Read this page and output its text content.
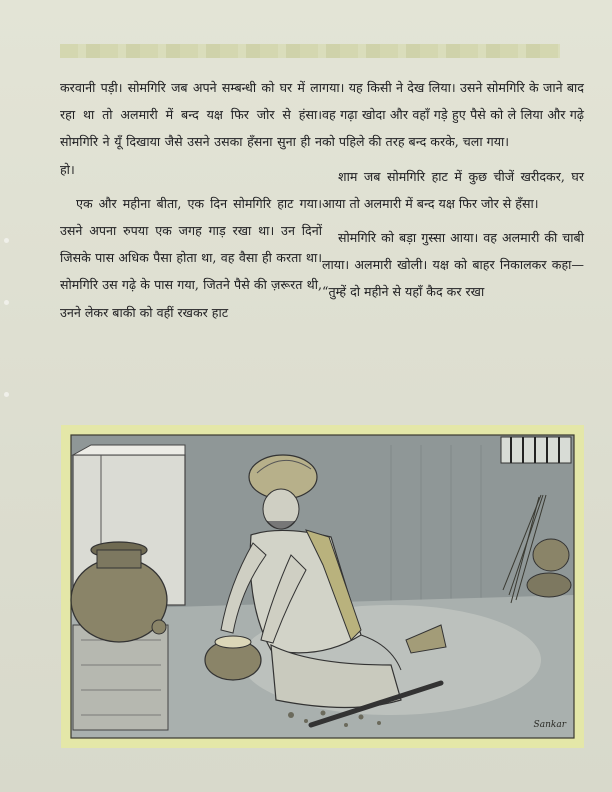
करवानी पड़ी। सोमगिरि जब अपने सम्बन्धी को घर में ला रहा था तो अलमारी में बन्द यक्ष फिर जोर से हंसा। सोमगिरि ने यूँ दिखाया जैसे उसने उसका हँसना सुना ही न हो।

एक और महीना बीता, एक दिन सोमगिरि हाट गया। उसने अपना रुपया एक जगह गाड़ रखा था। उन दिनों जिसके पास अधिक पैसा होता था, वह वैसा ही करता था। सोमगिरि उस गढ़े के पास गया, जितने पैसे की ज़रूरत थी, उनने लेकर बाकी को वहीं रखकर हाट

गया। यह किसी ने देख लिया। उसने सोमगिरि के जाने बाद वह गढ़ा खोदा और वहाँ गड़े हुए पैसे को ले लिया और गढ़े को पहिले की तरह बन्द करके, चला गया।

शाम जब सोमगिरि हाट में कुछ चीजें खरीदकर, घर आया तो अलमारी में बन्द यक्ष फिर जोर से हँसा।

सोमगिरि को बड़ा गुस्सा आया। वह अलमारी की चाबी लाया। अलमारी खोली। यक्ष को बाहर निकालकर कहा— “तुम्हें दो महीने से यहाँ कैद कर रखा

Sankar
